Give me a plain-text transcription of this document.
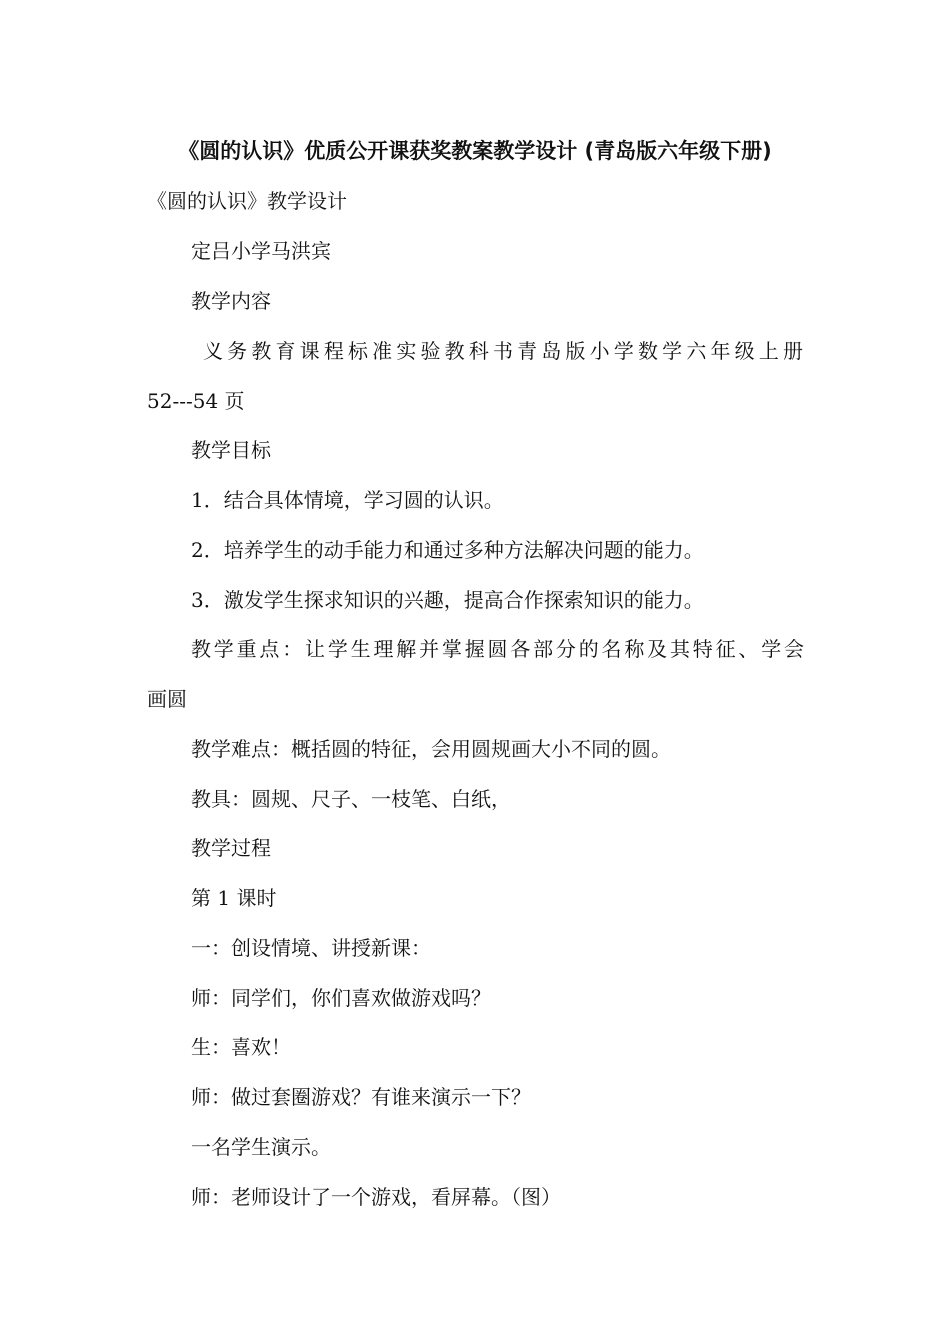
《圆的认识》优质公开课获奖教案教学设计 (青岛版六年级下册)
《圆的认识》教学设计
定吕小学马洪宾
教学内容
义务教育课程标准实验教科书青岛版小学数学六年级上册
52---54 页
教学目标
1．结合具体情境，学习圆的认识。
2．培养学生的动手能力和通过多种方法解决问题的能力。
3．激发学生探求知识的兴趣，提高合作探索知识的能力。
教学重点：让学生理解并掌握圆各部分的名称及其特征、学会
画圆
教学难点：概括圆的特征，会用圆规画大小不同的圆。
教具：圆规、尺子、一枝笔、白纸，
教学过程
第 1 课时
一：创设情境、讲授新课：
师：同学们，你们喜欢做游戏吗？
生：喜欢！
师：做过套圈游戏？有谁来演示一下？
一名学生演示。
师：老师设计了一个游戏，看屏幕。（图）
